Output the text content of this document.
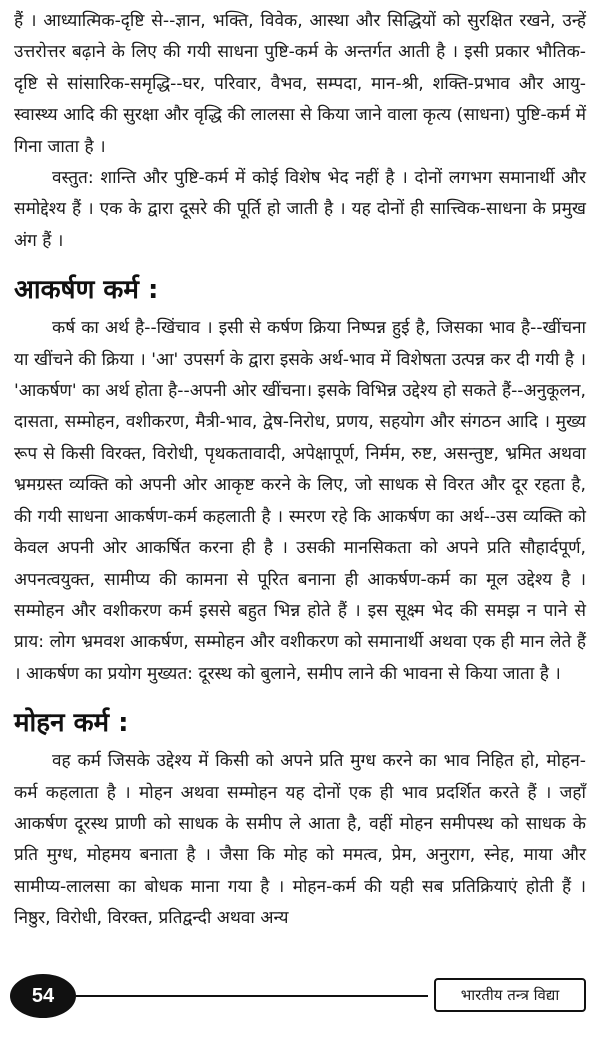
हैं । आध्यात्मिक-दृष्टि से--ज्ञान, भक्ति, विवेक, आस्था और सिद्धियों को सुरक्षित रखने, उन्हें उत्तरोत्तर बढ़ाने के लिए की गयी साधना पुष्टि-कर्म के अन्तर्गत आती है । इसी प्रकार भौतिक-दृष्टि से सांसारिक-समृद्धि--घर, परिवार, वैभव, सम्पदा, मान-श्री, शक्ति-प्रभाव और आयु-स्वास्थ्य आदि की सुरक्षा और वृद्धि की लालसा से किया जाने वाला कृत्य (साधना) पुष्टि-कर्म में गिना जाता है ।

वस्तुत: शान्ति और पुष्टि-कर्म में कोई विशेष भेद नहीं है । दोनों लगभग समानार्थी और समोद्देश्य हैं । एक के द्वारा दूसरे की पूर्ति हो जाती है । यह दोनों ही सात्त्विक-साधना के प्रमुख अंग हैं ।

आकर्षण कर्म :

कर्ष का अर्थ है--खिंचाव । इसी से कर्षण क्रिया निष्पन्न हुई है, जिसका भाव है--खींचना या खींचने की क्रिया । 'आ' उपसर्ग के द्वारा इसके अर्थ-भाव में विशेषता उत्पन्न कर दी गयी है । 'आकर्षण' का अर्थ होता है--अपनी ओर खींचना। इसके विभिन्न उद्देश्य हो सकते हैं--अनुकूलन, दासता, सम्मोहन, वशीकरण, मैत्री-भाव, द्वेष-निरोध, प्रणय, सहयोग और संगठन आदि । मुख्य रूप से किसी विरक्त, विरोधी, पृथकतावादी, अपेक्षापूर्ण, निर्मम, रुष्ट, असन्तुष्ट, भ्रमित अथवा भ्रमग्रस्त व्यक्ति को अपनी ओर आकृष्ट करने के लिए, जो साधक से विरत और दूर रहता है, की गयी साधना आकर्षण-कर्म कहलाती है । स्मरण रहे कि आकर्षण का अर्थ--उस व्यक्ति को केवल अपनी ओर आकर्षित करना ही है । उसकी मानसिकता को अपने प्रति सौहार्दपूर्ण, अपनत्वयुक्त, सामीप्य की कामना से पूरित बनाना ही आकर्षण-कर्म का मूल उद्देश्य है । सम्मोहन और वशीकरण कर्म इससे बहुत भिन्न होते हैं । इस सूक्ष्म भेद की समझ न पाने से प्राय: लोग भ्रमवश आकर्षण, सम्मोहन और वशीकरण को समानार्थी अथवा एक ही मान लेते हैं । आकर्षण का प्रयोग मुख्यत: दूरस्थ को बुलाने, समीप लाने की भावना से किया जाता है ।

मोहन कर्म :

वह कर्म जिसके उद्देश्य में किसी को अपने प्रति मुग्ध करने का भाव निहित हो, मोहन-कर्म कहलाता है । मोहन अथवा सम्मोहन यह दोनों एक ही भाव प्रदर्शित करते हैं । जहाँ आकर्षण दूरस्थ प्राणी को साधक के समीप ले आता है, वहीं मोहन समीपस्थ को साधक के प्रति मुग्ध, मोहमय बनाता है । जैसा कि मोह को ममत्व, प्रेम, अनुराग, स्नेह, माया और सामीप्य-लालसा का बोधक माना गया है । मोहन-कर्म की यही सब प्रतिक्रियाएं होती हैं । निष्ठुर, विरोधी, विरक्त, प्रतिद्वन्दी अथवा अन्य

54	भारतीय तन्त्र विद्या
